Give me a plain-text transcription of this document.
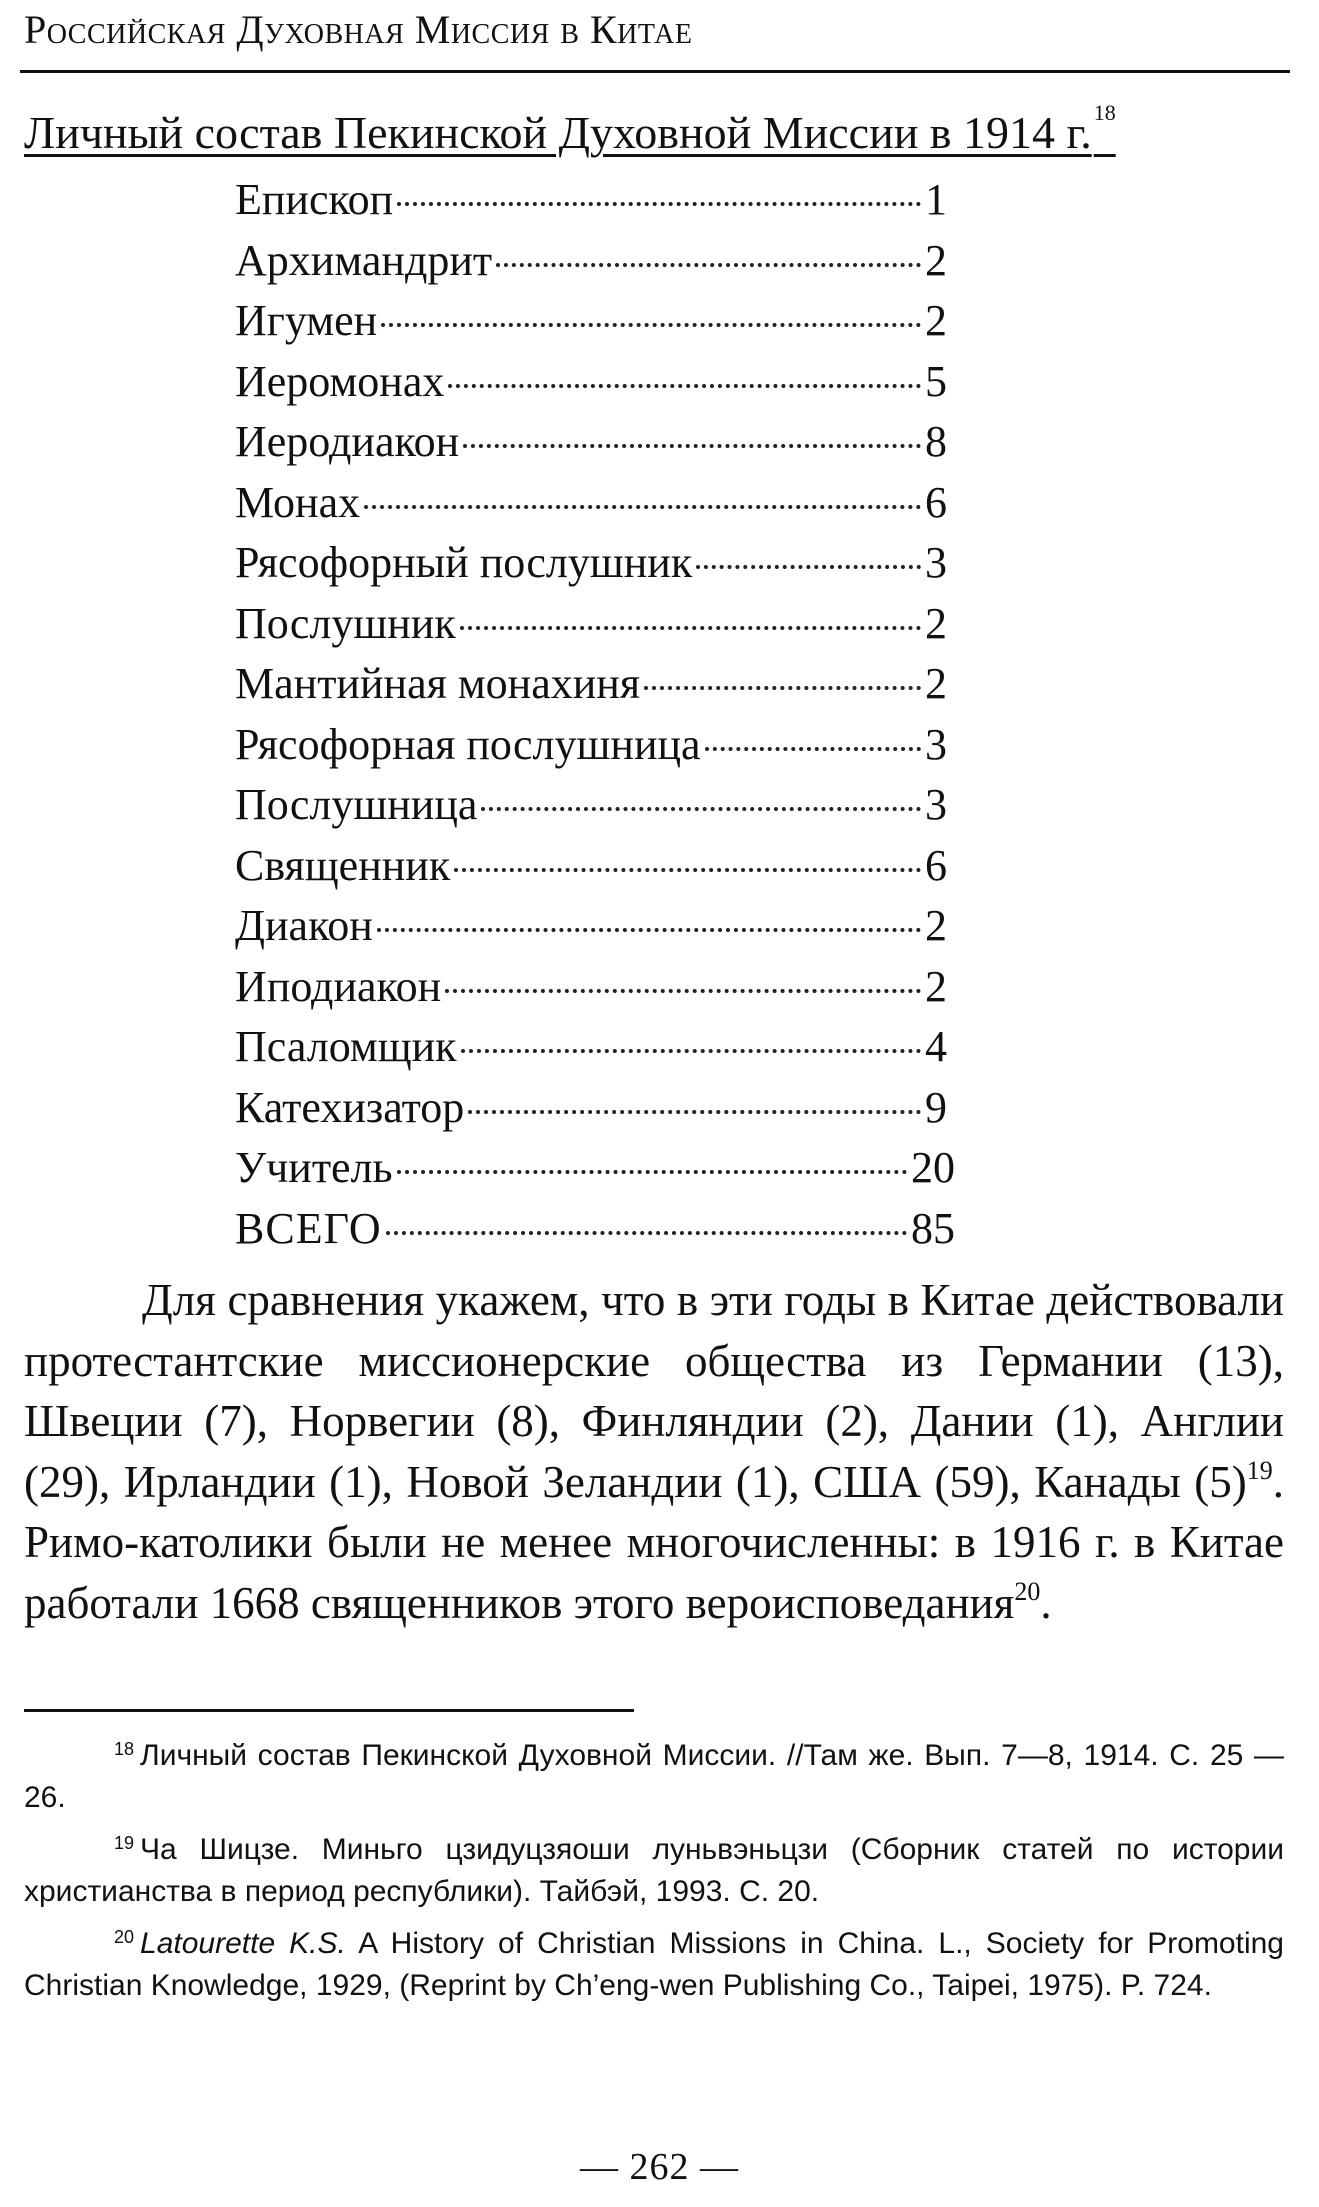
Российская Духовная Миссия в Китае
Личный состав Пекинской Духовной Миссии в 1914 г.$^{18}$
Епископ	1
Архимандрит	2
Игумен	2
Иеромонах	5
Иеродиакон	8
Монах	6
Рясофорный послушник	3
Послушник	2
Мантийная монахиня	2
Рясофорная послушница	3
Послушница	3
Священник	6
Диакон	2
Иподиакон	2
Псаломщик	4
Катехизатор	9
Учитель	20
ВСЕГО	85

Для сравнения укажем, что в эти годы в Китае действовали протестантские миссионерские общества из Германии (13), Швеции (7), Норвегии (8), Финляндии (2), Дании (1), Англии (29), Ирландии (1), Новой Зеландии (1), США (59), Канады $(5)^{19}$. Римо-католики были не менее многочисленны: в 1916 г. в Китае работали 1668 священников этого вероисповедания$^{20}$.

$^{18}$ Личный состав Пекинской Духовной Миссии. //Там же. Вып. 7—8, 1914. С. 25 — 26.

$^{19}$ Ча Шицзе. Миньго цзидуцзяоши луньвэньцзи (Сборник статей по истории христианства в период республики). Тайбэй, 1993. С. 20.

$^{20}$ Latourette K.S. A History of Christian Missions in China. L., Society for Promoting Christian Knowledge, 1929, (Reprint by Ch’eng-wen Publishing Co., Taipei, 1975). P. 724.

— 262 —
